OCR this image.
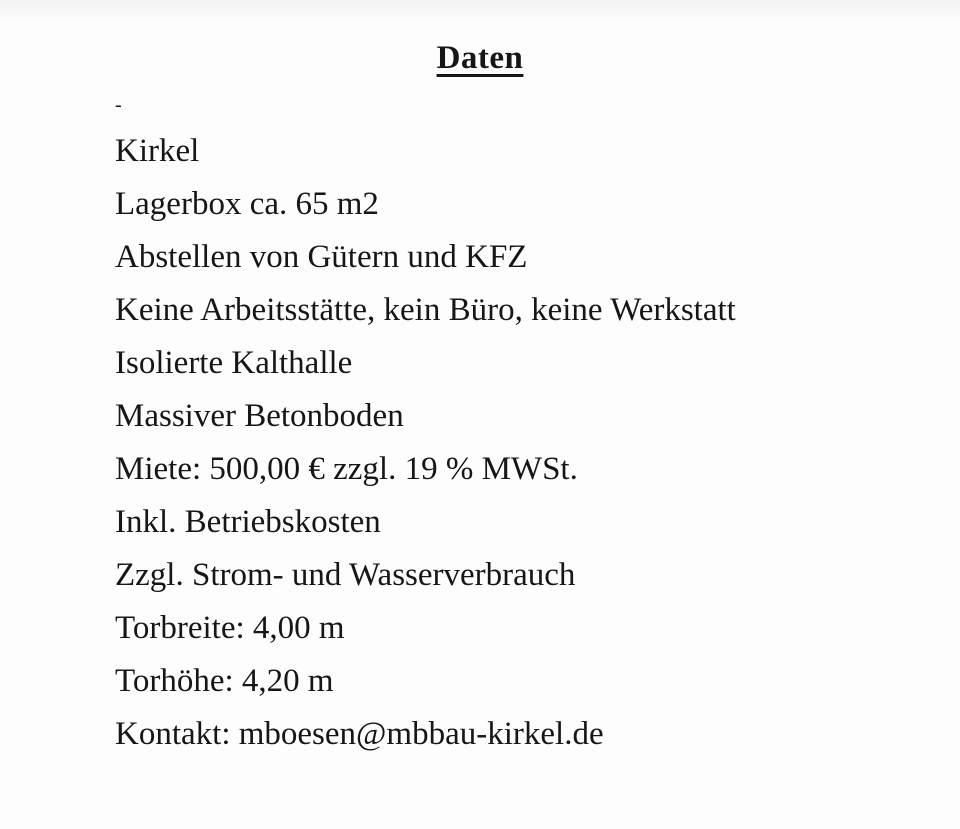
Daten
-
Kirkel
Lagerbox ca. 65 m2
Abstellen von Gütern und KFZ
Keine Arbeitsstätte, kein Büro, keine Werkstatt
Isolierte Kalthalle
Massiver Betonboden
Miete: 500,00 € zzgl. 19 % MWSt.
Inkl. Betriebskosten
Zzgl. Strom- und Wasserverbrauch
Torbreite: 4,00 m
Torhöhe: 4,20 m
Kontakt: mboesen@mbbau-kirkel.de
